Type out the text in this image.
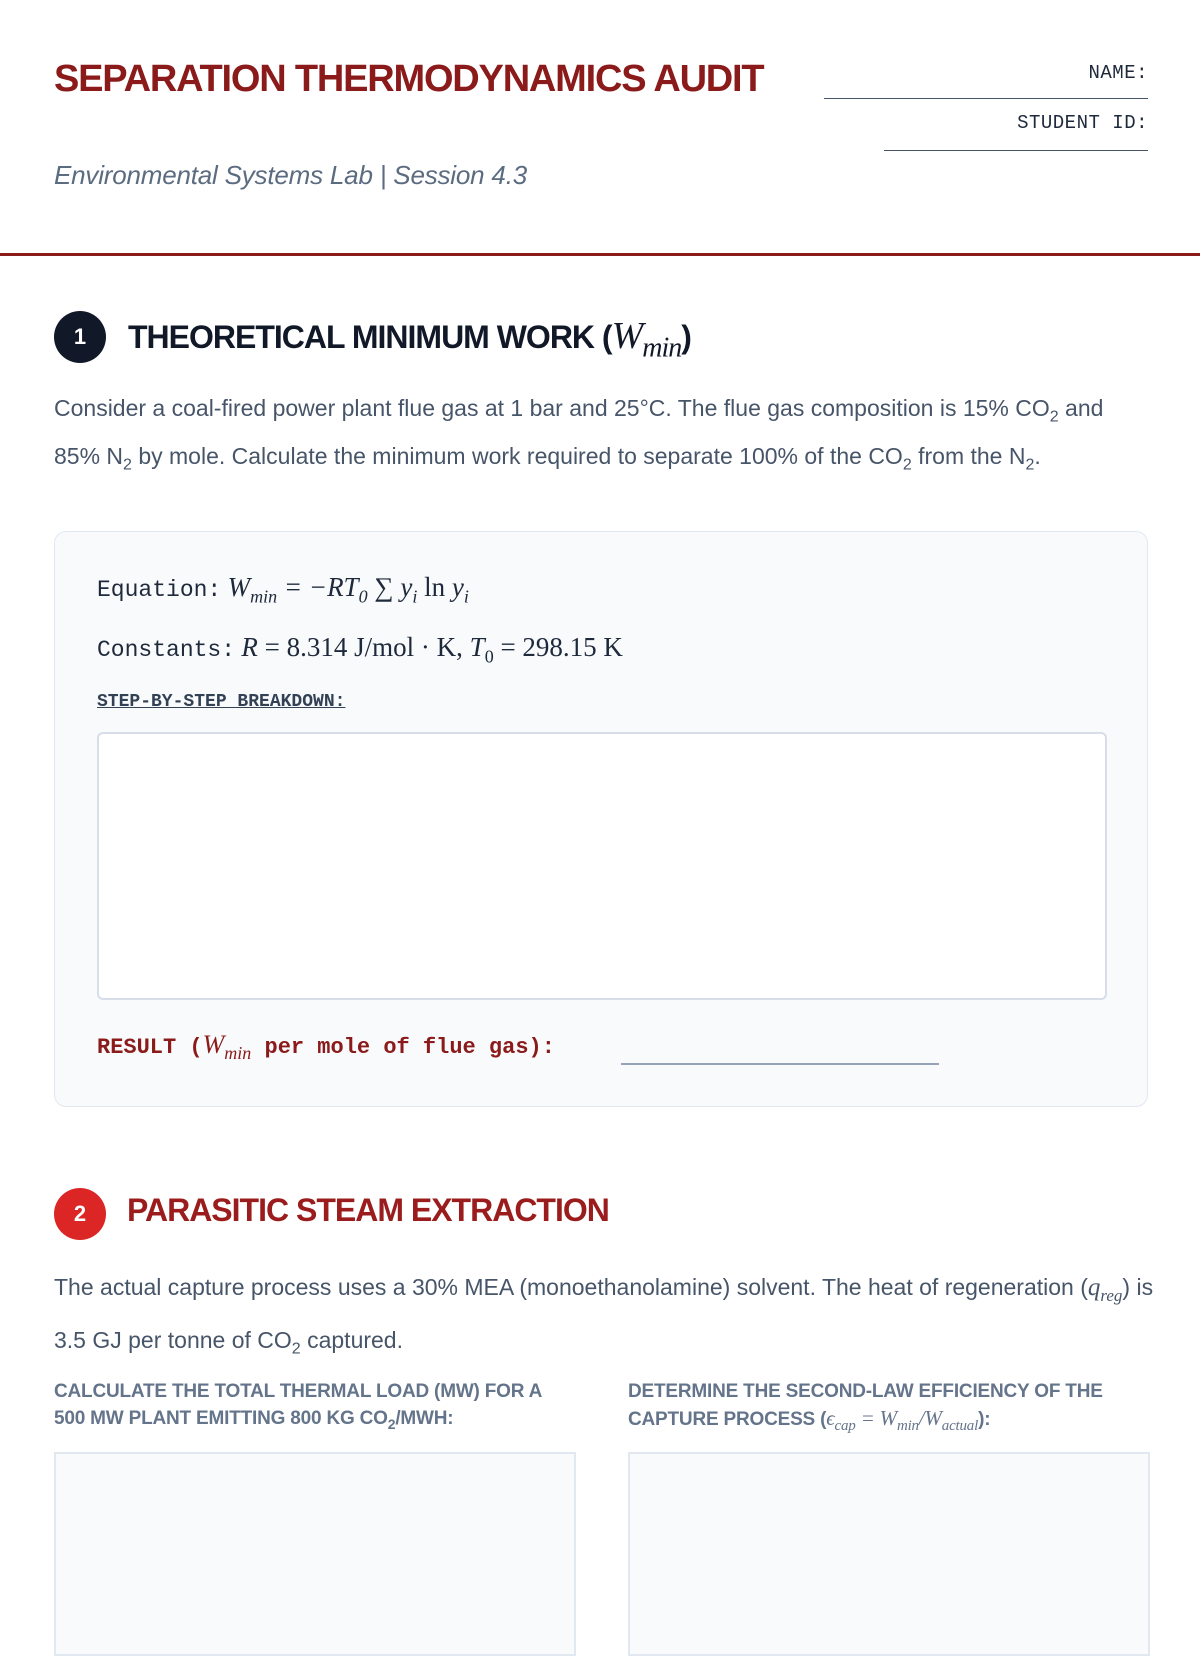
SEPARATION THERMODYNAMICS AUDIT

Environmental Systems Lab | Session 4.3

NAME:
STUDENT ID:
1	THEORETICAL MINIMUM WORK $(W_{min})$

Consider a coal-fired power plant flue gas at 1 bar and 25°C. The flue gas composition is 15% $CO_2$ and 85% $N_2$ by mole. Calculate the minimum work required to separate 100% of the $CO_2$ from the $N_2$.

Equation: $W_{min} = -RT_0$ ∑ $y_i$ $\ln y_i$
Constants: R = 8.314 J/mol · K, $T_0 = 298.15$ K
STEP-BY-STEP BREAKDOWN:
RESULT ($W_{min}$ per mole of flue gas):
2	PARASITIC STEAM EXTRACTION

The actual capture process uses a 30% MEA (monoethanolamine) solvent. The heat of regeneration $(q_{reg})$ is 3.5 GJ per tonne of $CO_2$ captured.

CALCULATE THE TOTAL THERMAL LOAD (MW) FOR A 500 MW PLANT EMITTING 800 KG $CO_2$/MWH:

DETERMINE THE SECOND-LAW EFFICIENCY OF THE CAPTURE PROCESS $(\epsilon_{cap} = W_{min}/W_{actual})$:
